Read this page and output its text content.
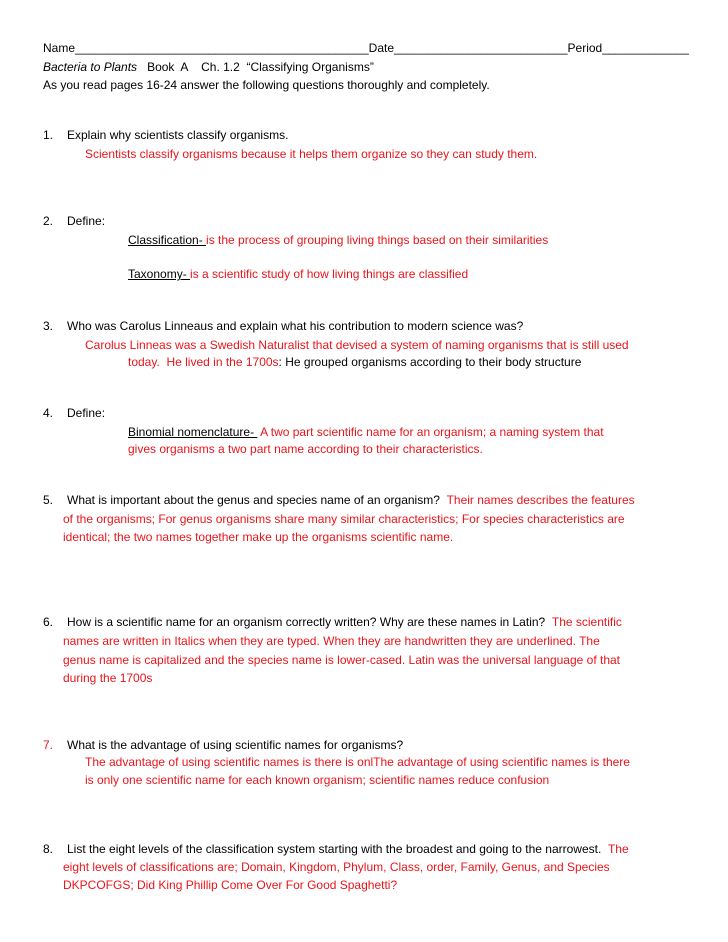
Name____________________________________________Date__________________________Period_____________
Bacteria to Plants   Book  A    Ch. 1.2  “Classifying Organisms”
As you read pages 16-24 answer the following questions thoroughly and completely.
1. Explain why scientists classify organisms.
Scientists classify organisms because it helps them organize so they can study them.
2. Define:
Classification- is the process of grouping living things based on their similarities
Taxonomy- is a scientific study of how living things are classified
3. Who was Carolus Linneaus and explain what his contribution to modern science was?
Carolus Linneas was a Swedish Naturalist that devised a system of naming organisms that is still used
today.  He lived in the 1700s: He grouped organisms according to their body structure
4. Define:
Binomial nomenclature-  A two part scientific name for an organism; a naming system that
gives organisms a two part name according to their characteristics.
5. What is important about the genus and species name of an organism? Their names describes the features
of the organisms; For genus organisms share many similar characteristics; For species characteristics are
identical; the two names together make up the organisms scientific name.
6. How is a scientific name for an organism correctly written? Why are these names in Latin? The scientific
names are written in Italics when they are typed. When they are handwritten they are underlined. The
genus name is capitalized and the species name is lower-cased. Latin was the universal language of that
during the 1700s
7. What is the advantage of using scientific names for organisms?
The advantage of using scientific names is there is onlThe advantage of using scientific names is there
is only one scientific name for each known organism; scientific names reduce confusion
8. List the eight levels of the classification system starting with the broadest and going to the narrowest. The
eight levels of classifications are; Domain, Kingdom, Phylum, Class, order, Family, Genus, and Species
DKPCOFGS; Did King Phillip Come Over For Good Spaghetti?
